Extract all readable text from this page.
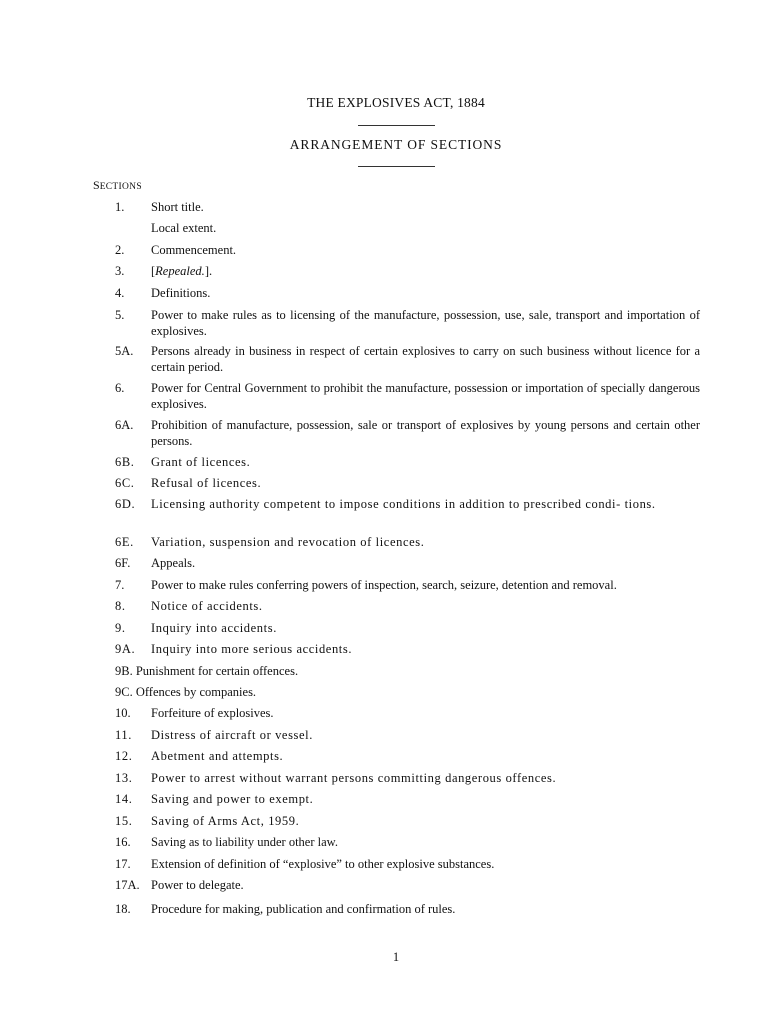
THE EXPLOSIVES ACT, 1884
ARRANGEMENT OF SECTIONS
SECTIONS
1. Short title.
Local extent.
2. Commencement.
3. [Repealed.].
4. Definitions.
5. Power to make rules as to licensing of the manufacture, possession, use, sale, transport and importation of explosives.
5A. Persons already in business in respect of certain explosives to carry on such business without licence for a certain period.
6. Power for Central Government to prohibit the manufacture, possession or importation of specially dangerous explosives.
6A. Prohibition of manufacture, possession, sale or transport of explosives by young persons and certain other persons.
6B. Grant of licences.
6C. Refusal of licences.
6D. Licensing authority competent to impose conditions in addition to prescribed condi- tions.
6E. Variation, suspension and revocation of licences.
6F. Appeals.
7. Power to make rules conferring powers of inspection, search, seizure, detention and removal.
8. Notice of accidents.
9. Inquiry into accidents.
9A. Inquiry into more serious accidents.
9B. Punishment for certain offences.
9C. Offences by companies.
10. Forfeiture of explosives.
11. Distress of aircraft or vessel.
12. Abetment and attempts.
13. Power to arrest without warrant persons committing dangerous offences.
14. Saving and power to exempt.
15. Saving of Arms Act, 1959.
16. Saving as to liability under other law.
17. Extension of definition of “explosive” to other explosive substances.
17A. Power to delegate.
18. Procedure for making, publication and confirmation of rules.
1
